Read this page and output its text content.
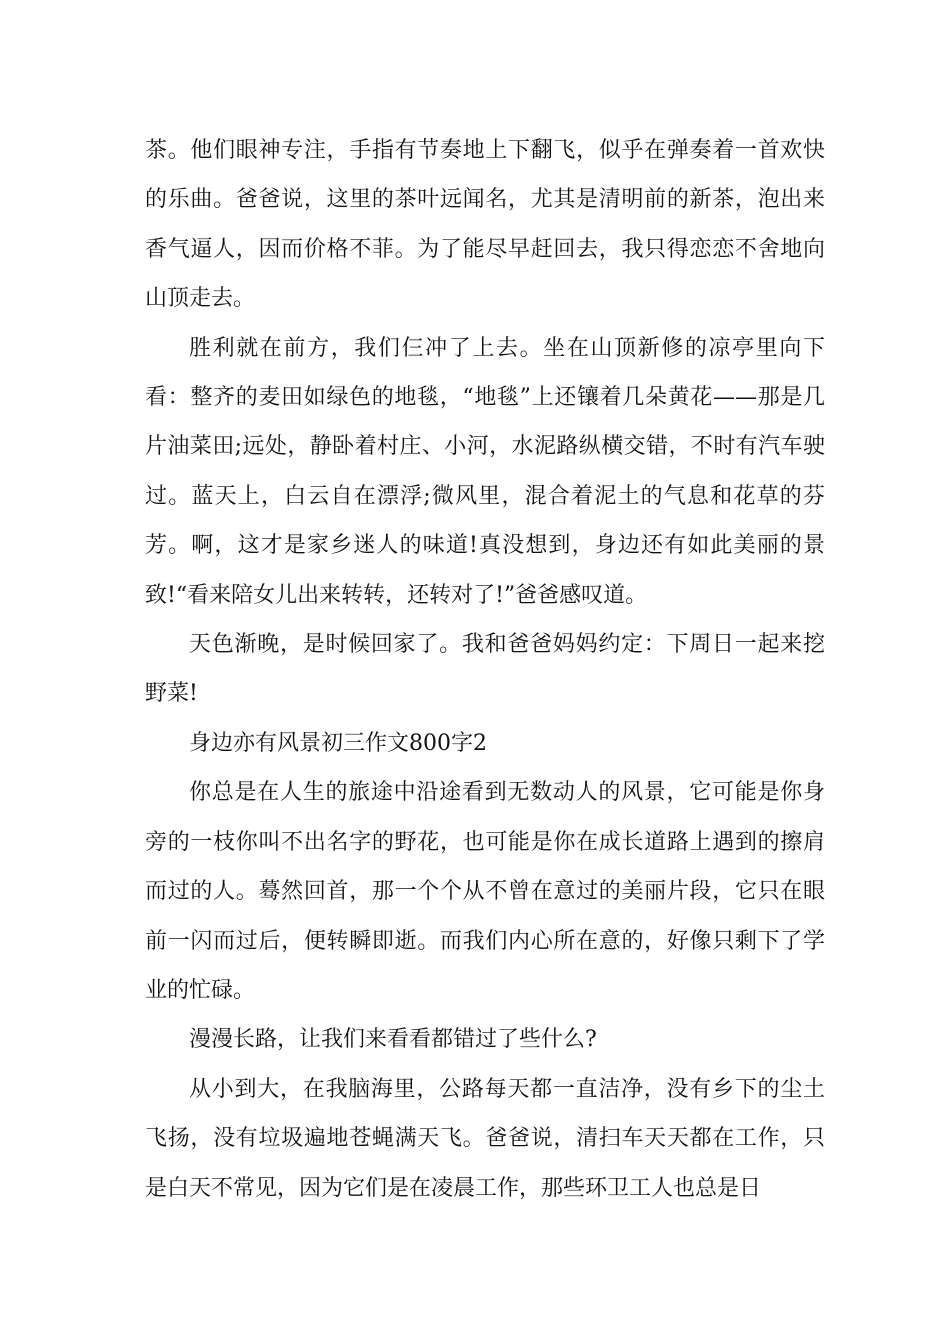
茶。他们眼神专注，手指有节奏地上下翻飞，似乎在弹奏着一首欢快的乐曲。爸爸说，这里的茶叶远闻名，尤其是清明前的新茶，泡出来香气逼人，因而价格不菲。为了能尽早赶回去，我只得恋恋不舍地向山顶走去。

胜利就在前方，我们仨冲了上去。坐在山顶新修的凉亭里向下看：整齐的麦田如绿色的地毯，“地毯”上还镶着几朵黄花——那是几片油菜田;远处，静卧着村庄、小河，水泥路纵横交错，不时有汽车驶过。蓝天上，白云自在漂浮;微风里，混合着泥土的气息和花草的芬芳。啊，这才是家乡迷人的味道!真没想到，身边还有如此美丽的景致!“看来陪女儿出来转转，还转对了!”爸爸感叹道。

天色渐晚，是时候回家了。我和爸爸妈妈约定：下周日一起来挖野菜!

身边亦有风景初三作文800字2

你总是在人生的旅途中沿途看到无数动人的风景，它可能是你身旁的一枝你叫不出名字的野花，也可能是你在成长道路上遇到的擦肩而过的人。蓦然回首，那一个个从不曾在意过的美丽片段，它只在眼前一闪而过后，便转瞬即逝。而我们内心所在意的，好像只剩下了学业的忙碌。

漫漫长路，让我们来看看都错过了些什么?

从小到大，在我脑海里，公路每天都一直洁净，没有乡下的尘土飞扬，没有垃圾遍地苍蝇满天飞。爸爸说，清扫车天天都在工作，只是白天不常见，因为它们是在凌晨工作，那些环卫工人也总是日
